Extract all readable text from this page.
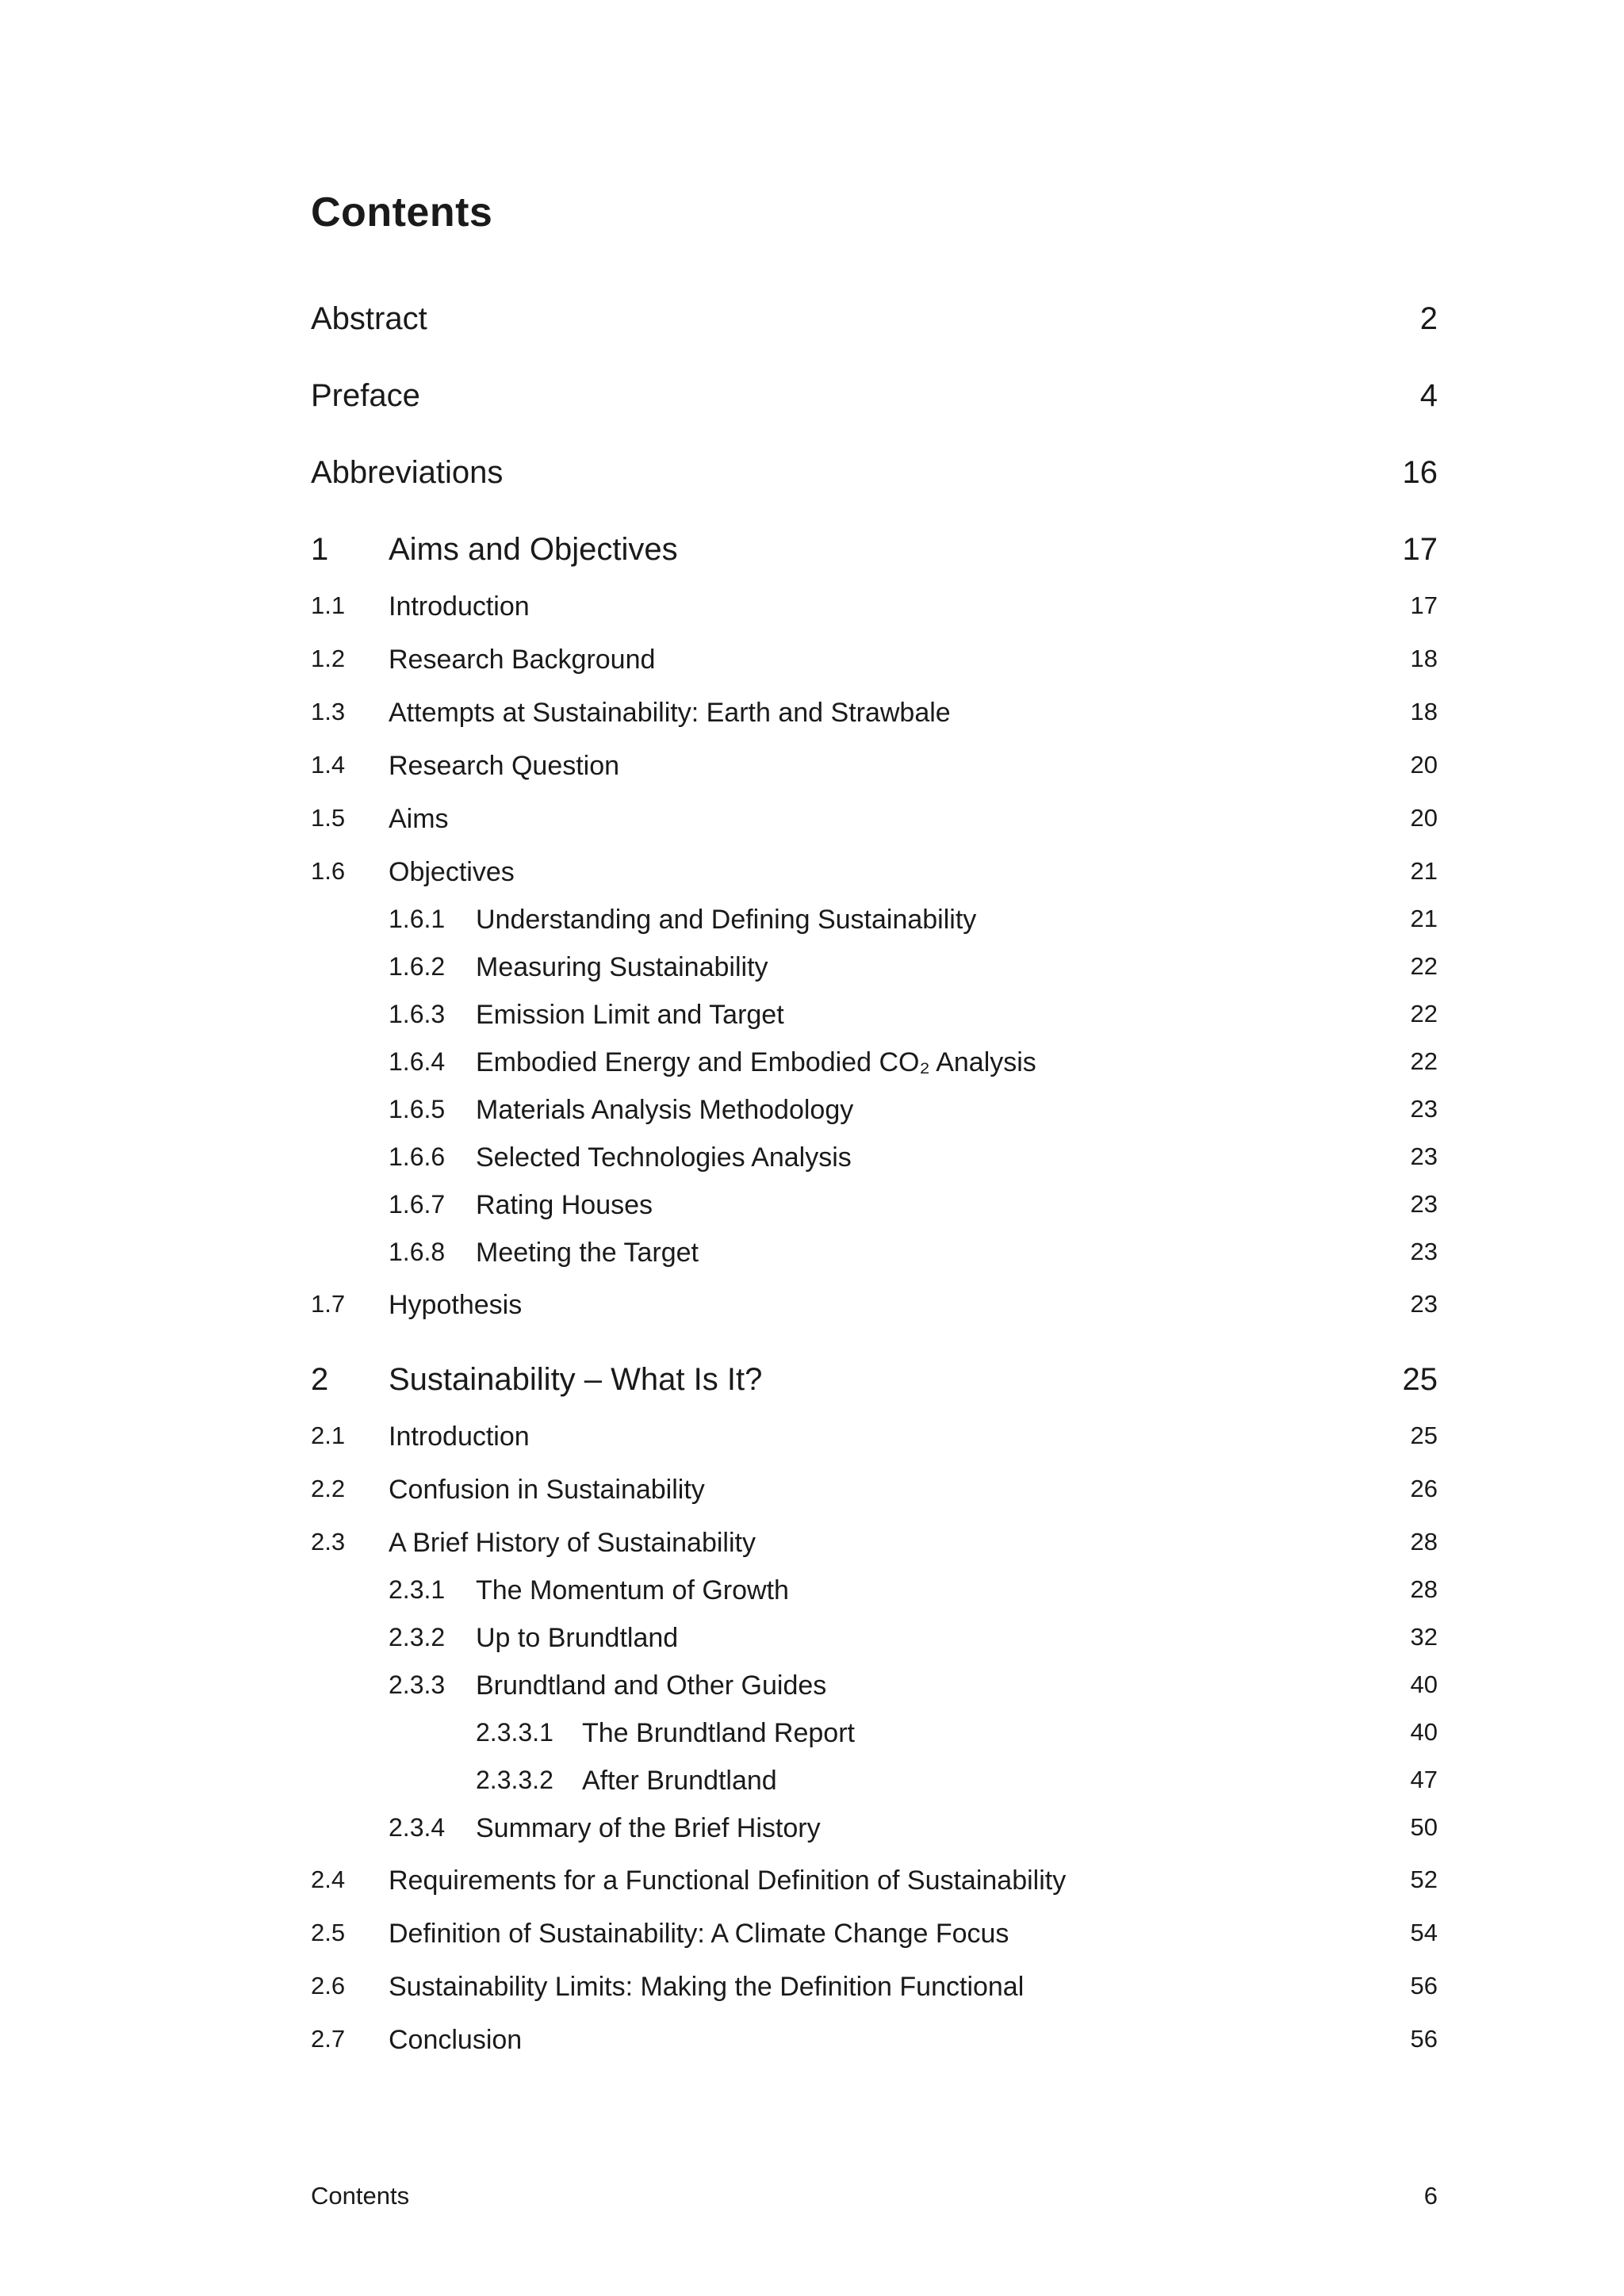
Contents
Abstract	2
Preface	4
Abbreviations	16
1 Aims and Objectives	17
1.1 Introduction	17
1.2 Research Background	18
1.3 Attempts at Sustainability: Earth and Strawbale	18
1.4 Research Question	20
1.5 Aims	20
1.6 Objectives	21
1.6.1 Understanding and Defining Sustainability	21
1.6.2 Measuring Sustainability	22
1.6.3 Emission Limit and Target	22
1.6.4 Embodied Energy and Embodied CO₂ Analysis	22
1.6.5 Materials Analysis Methodology	23
1.6.6 Selected Technologies Analysis	23
1.6.7 Rating Houses	23
1.6.8 Meeting the Target	23
1.7 Hypothesis	23
2 Sustainability – What Is It?	25
2.1 Introduction	25
2.2 Confusion in Sustainability	26
2.3 A Brief History of Sustainability	28
2.3.1 The Momentum of Growth	28
2.3.2 Up to Brundtland	32
2.3.3 Brundtland and Other Guides	40
2.3.3.1 The Brundtland Report	40
2.3.3.2 After Brundtland	47
2.3.4 Summary of the Brief History	50
2.4 Requirements for a Functional Definition of Sustainability	52
2.5 Definition of Sustainability: A Climate Change Focus	54
2.6 Sustainability Limits: Making the Definition Functional	56
2.7 Conclusion	56
Contents	6
